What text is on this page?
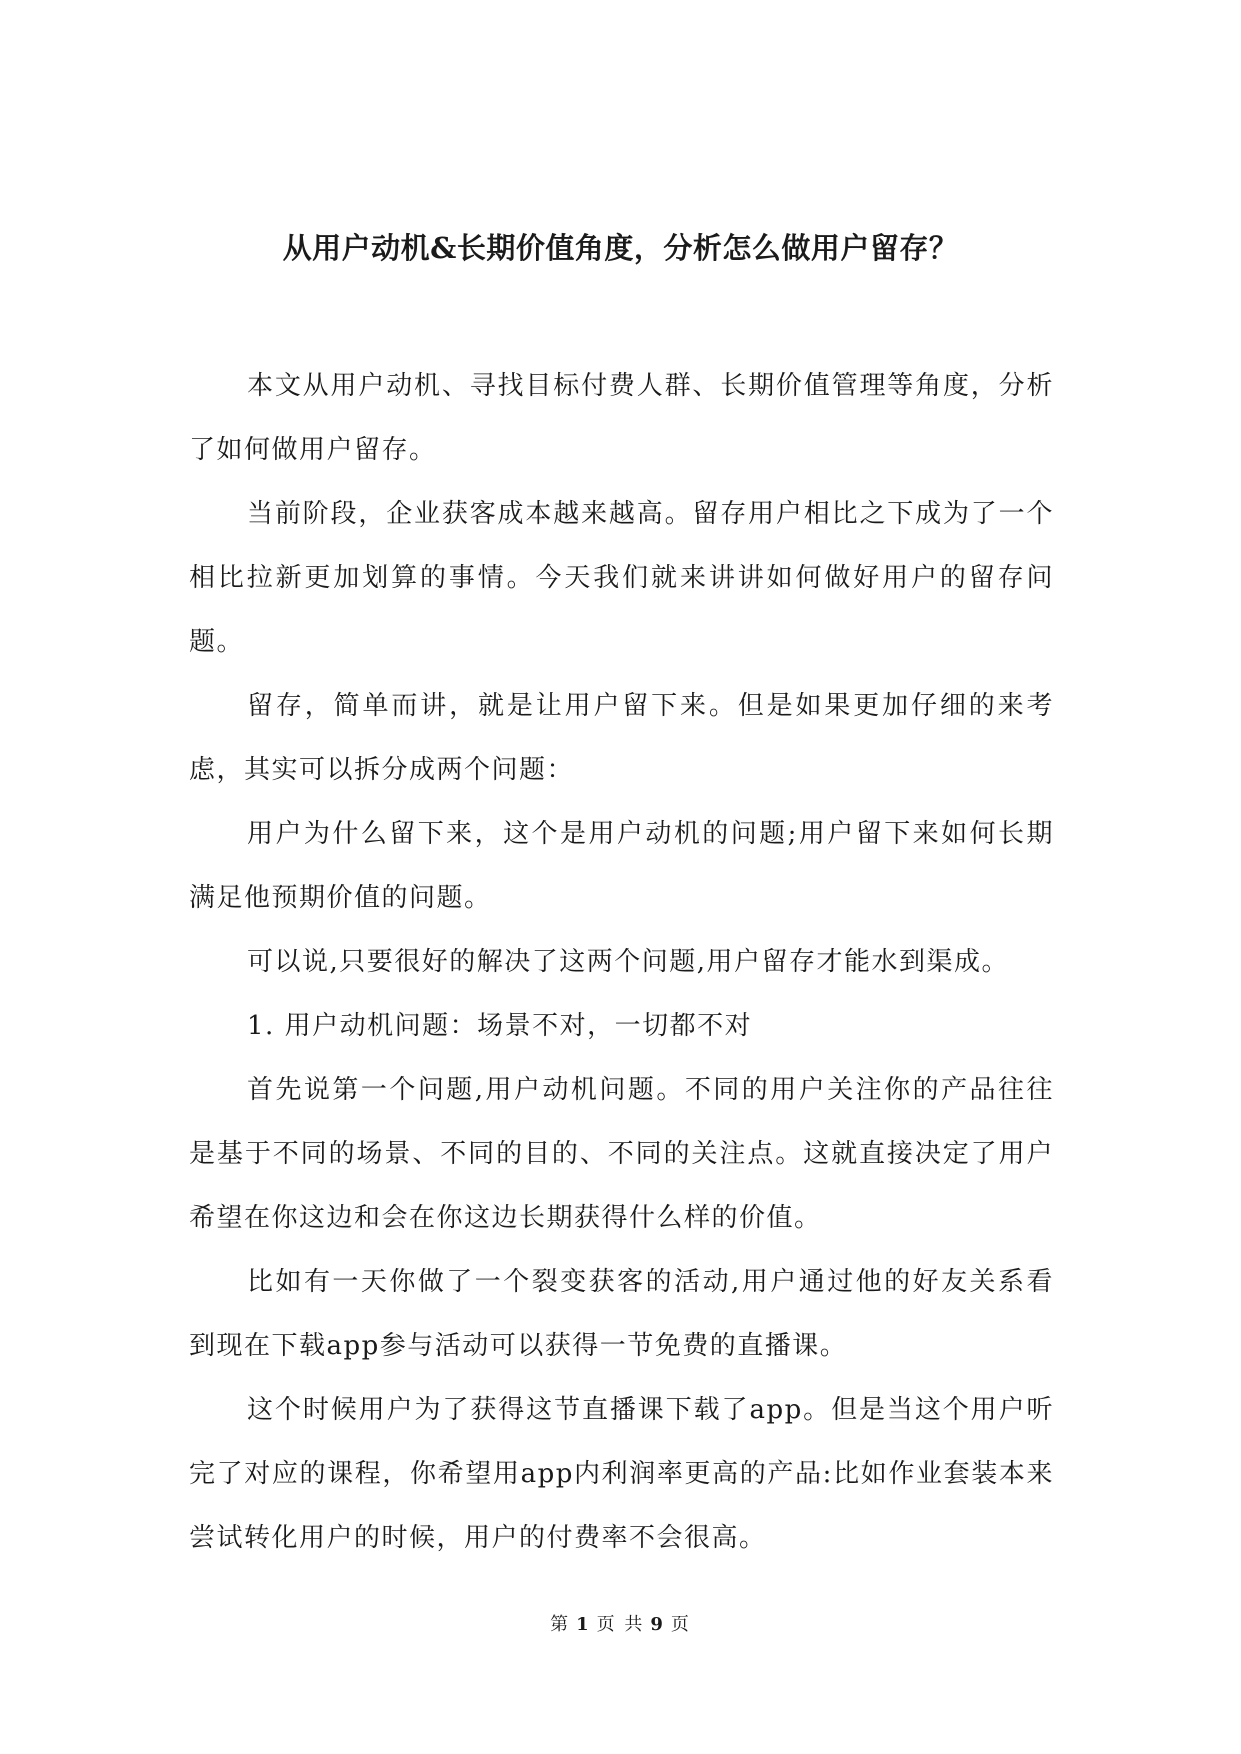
从用户动机&长期价值角度，分析怎么做用户留存？

本文从用户动机、寻找目标付费人群、长期价值管理等角度，分析了如何做用户留存。

当前阶段，企业获客成本越来越高。留存用户相比之下成为了一个相比拉新更加划算的事情。今天我们就来讲讲如何做好用户的留存问题。

留存，简单而讲，就是让用户留下来。但是如果更加仔细的来考虑，其实可以拆分成两个问题：

用户为什么留下来，这个是用户动机的问题;用户留下来如何长期满足他预期价值的问题。

可以说,只要很好的解决了这两个问题,用户留存才能水到渠成。

1. 用户动机问题：场景不对，一切都不对

首先说第一个问题,用户动机问题。不同的用户关注你的产品往往是基于不同的场景、不同的目的、不同的关注点。这就直接决定了用户希望在你这边和会在你这边长期获得什么样的价值。

比如有一天你做了一个裂变获客的活动,用户通过他的好友关系看到现在下载app参与活动可以获得一节免费的直播课。

这个时候用户为了获得这节直播课下载了app。但是当这个用户听完了对应的课程，你希望用app内利润率更高的产品:比如作业套装本来尝试转化用户的时候，用户的付费率不会很高。

第 1 页 共 9 页
